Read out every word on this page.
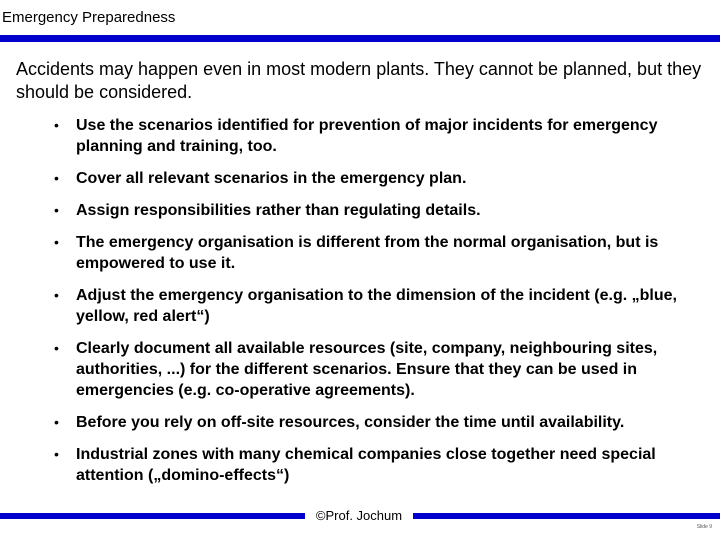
Emergency Preparedness
Accidents may happen even in most modern plants. They cannot be planned, but they should be considered.
• Use the scenarios identified for prevention of major incidents for emergency planning and training, too.
• Cover all relevant scenarios in the emergency plan.
• Assign responsibilities rather than regulating details.
• The emergency organisation is different from the normal organisation, but is empowered to use it.
• Adjust the emergency organisation to the dimension of the incident (e.g. „blue, yellow, red alert“)
• Clearly document all available resources (site, company, neighbouring sites, authorities, ...) for the different scenarios. Ensure that they can be used in emergencies (e.g. co-operative agreements).
• Before you rely on off-site resources, consider the time until availability.
• Industrial zones with many chemical companies close together need special attention („domino-effects“)
©Prof. Jochum
Slide 9
